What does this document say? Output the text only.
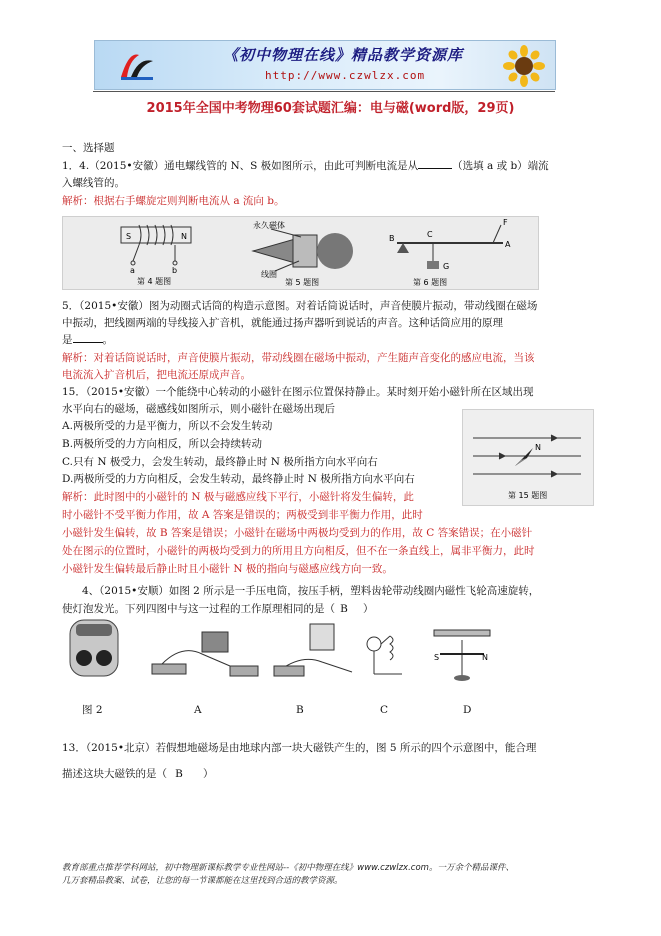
《初中物理在线》精品教学资源库
http://www.czwlzx.com
2015年全国中考物理60套试题汇编：电与磁(word版，29页)
一、选择题
1．4.（2015•安徽）通电螺线管的 N、S 极如图所示，由此可判断电流是从	（选填 a 或 b）端流
入螺线管的。
解析：根据右手螺旋定则判断电流从 a 流向 b。
S	N
a	b
第 4 题图
永久磁体
线圈
第 5 题图
B	C
F
A
G
第 6 题图
5．（2015•安徽）图为动圈式话筒的构造示意图。对着话筒说话时，声音使膜片振动，带动线圈在磁场
中振动，把线圈两端的导线接入扩音机，就能通过扬声器听到说话的声音。这种话筒应用的原理
是	。
解析：对着话筒说话时，声音使膜片振动，带动线圈在磁场中振动，产生随声音变化的感应电流，当该
电流流入扩音机后，把电流还原成声音。
15．（2015•安徽）一个能绕中心转动的小磁针在图示位置保持静止。某时刻开始小磁针所在区域出现
水平向右的磁场，磁感线如图所示，则小磁针在磁场出现后
A.两极所受的力是平衡力，所以不会发生转动
B.两极所受的力方向相反，所以会持续转动
C.只有 N 极受力，会发生转动，最终静止时 N 极所指方向水平向右
D.两极所受的力方向相反，会发生转动，最终静止时 N 极所指方向水平向右
解析：此时图中的小磁针的 N 极与磁感应线下平行，小磁针将发生偏转，此
时小磁针不受平衡力作用，故 A 答案是错误的；两极受到非平衡力作用，此时
小磁针发生偏转，故 B 答案是错误；小磁针在磁场中两极均受到力的作用，故 C 答案错误；在小磁针
处在图示的位置时，小磁针的两极均受到力的所用且方向相反，但不在一条直线上，属非平衡力，此时
小磁针发生偏转最后静止时且小磁针 N 极的指向与磁感应线方向一致。
N
第 15 题图
4、（2015•安顺）如图 2 所示是一手压电筒，按压手柄，塑料齿轮带动线圈内磁性飞轮高速旋转，
使灯泡发光。下列四图中与这一过程的工作原理相同的是（ B ）
S	N
图 2	A	B	C	D
13．（2015•北京）若假想地磁场是由地球内部一块大磁铁产生的，图 5 所示的四个示意图中，能合理
描述这块大磁铁的是（ B ）
教育部重点推荐学科网站，初中物理新课标教学专业性网站--《初中物理在线》www.czwlzx.com。一万余个精品课件、
几万套精品教案、试卷，让您的每一节课都能在这里找到合适的教学资源。
